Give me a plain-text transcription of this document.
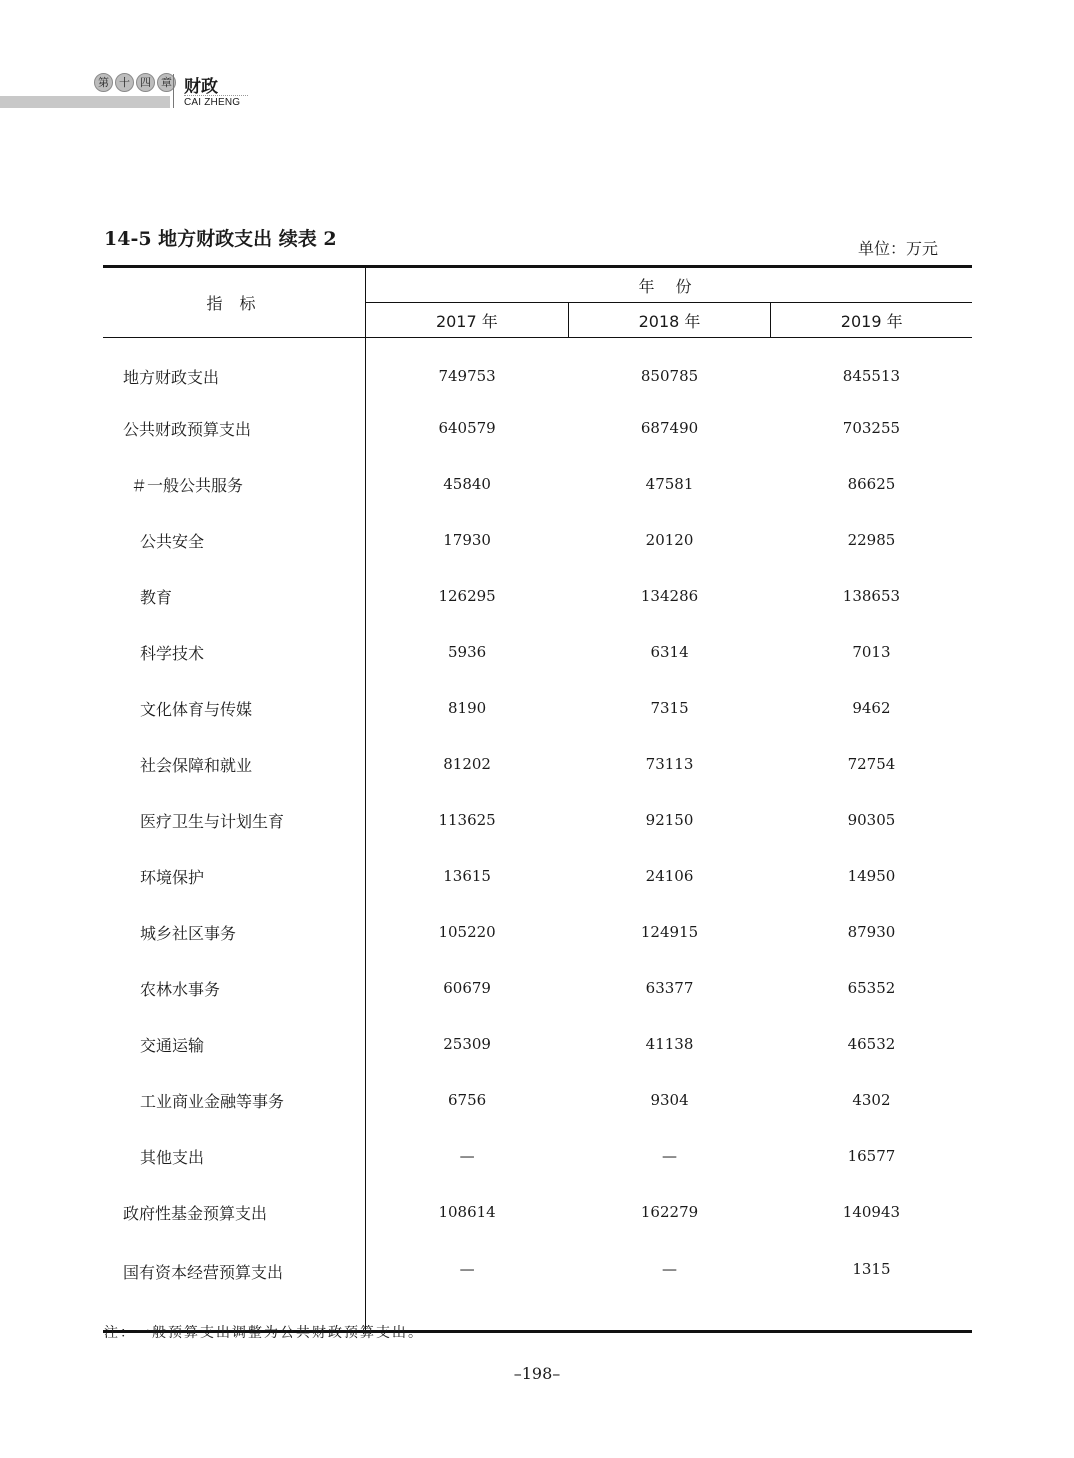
第 十 四 章 财政
CAI ZHENG
14-5 地方财政支出 续表 2	单位：万元
指 标	年 份		
	2017 年	2018 年	2019 年
地方财政支出	749753	850785	845513
公共财政预算支出	640579	687490	703255
＃一般公共服务	45840	47581	86625
公共安全	17930	20120	22985
教育	126295	134286	138653
科学技术	5936	6314	7013
文化体育与传媒	8190	7315	9462
社会保障和就业	81202	73113	72754
医疗卫生与计划生育	113625	92150	90305
环境保护	13615	24106	14950
城乡社区事务	105220	124915	87930
农林水事务	60679	63377	65352
交通运输	25309	41138	46532
工业商业金融等事务	6756	9304	4302
其他支出	—	—	16577
政府性基金预算支出	108614	162279	140943
国有资本经营预算支出	—	—	1315
注：一般预算支出调整为公共财政预算支出。
–198–
